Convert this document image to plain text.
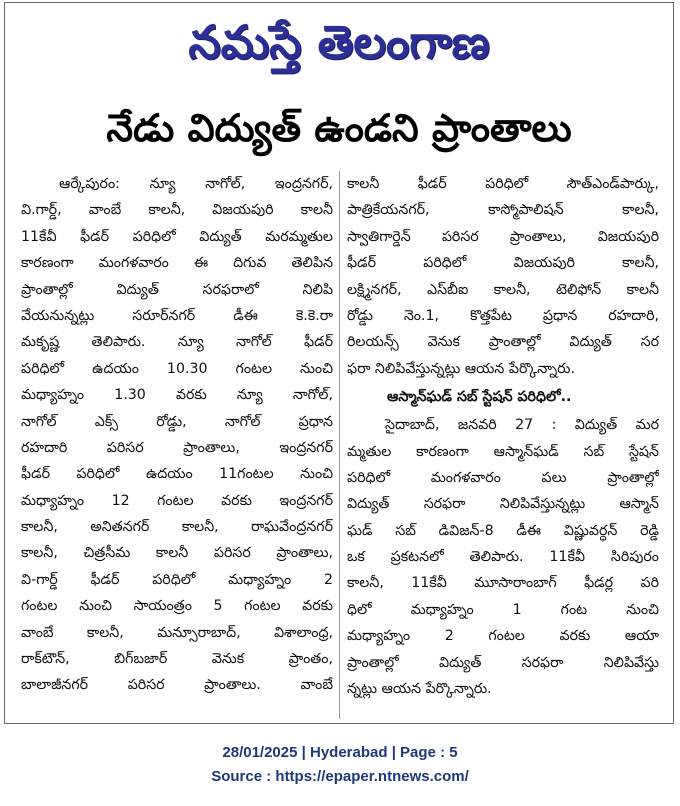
నమస్తే తెలంగాణ
నేడు విద్యుత్ ఉండని ప్రాంతాలు
ఆర్కేపురం: న్యూ నాగోల్, ఇంద్రనగర్,
వి.గార్డ్, వాంబే కాలనీ, విజయపురి కాలనీ
11కేవీ ఫీడర్ పరిధిలో విద్యుత్ మరమ్మతుల
కారణంగా మంగళవారం ఈ దిగువ తెలిపిన
ప్రాంతాల్లో విద్యుత్ సరఫరాలో నిలిపి
వేయనున్నట్లు సరూర్‌నగర్ డీఈ కె.కె.రా
మకృష్ణ తెలిపారు. న్యూ నాగోల్ ఫీడర్
పరిధిలో ఉదయం 10.30 గంటల నుంచి
మధ్యాహ్నం 1.30 వరకు న్యూ నాగోల్,
నాగోల్ ఎక్స్ రోడ్డు, నాగోల్ ప్రధాన
రహదారి పరిసర ప్రాంతాలు, ఇంద్రనగర్
ఫీడర్ పరిధిలో ఉదయం 11గంటల నుంచి
మధ్యాహ్నం 12 గంటల వరకు ఇంద్రనగర్
కాలనీ, అనితనగర్ కాలనీ, రాఘవేంద్రనగర్
కాలనీ, చిత్రసీమ కాలనీ పరిసర ప్రాంతాలు,
వి-గార్డ్ ఫీడర్ పరిధిలో మధ్యాహ్నం 2
గంటల నుంచి సాయంత్రం 5 గంటల వరకు
వాంబే కాలనీ, మన్సూరాబాద్, విశాలాంధ్ర,
రాక్‌టౌన్, బిగ్‌బజార్ వెనుక ప్రాంతం,
బాలాజీనగర్ పరిసర ప్రాంతాలు. వాంబే
కాలనీ ఫీడర్ పరిధిలో సౌత్‌ఎండ్‌పార్కు,
పాత్రికేయనగర్, కాస్మోపాలిషన్ కాలనీ,
స్వాతిగార్డెన్ పరిసర ప్రాంతాలు, విజయపురి
ఫీడర్ పరిధిలో విజయపురి కాలనీ,
లక్ష్మినగర్, ఎస్‌బీఐ కాలనీ, టెలిఫోన్ కాలనీ
రోడ్డు నెం.1, కొత్తపేట ప్రధాన రహదారి,
రిలయన్స్ వెనుక ప్రాంతాల్లో విద్యుత్ సర
ఫరా నిలిపివేస్తున్నట్లు ఆయన పేర్కొన్నారు.
ఆస్మాన్‌ఘడ్ సబ్ స్టేషన్ పరిధిలో..
సైదాబాద్, జనవరి 27 : విద్యుత్ మర
మ్మతుల కారణంగా ఆస్మాన్‌ఘడ్ సబ్ స్టేషన్
పరిధిలో మంగళవారం పలు ప్రాంతాల్లో
విద్యుత్ సరఫరా నిలిపివేస్తున్నట్లు ఆస్మాన్
ఘడ్ సబ్ డివిజన్-8 డీఈ విష్ణువర్ధన్ రెడ్డి
ఒక ప్రకటనలో తెలిపారు. 11కేవీ సిరిపురం
కాలనీ, 11కేవీ మూసారాంబాగ్ ఫీడర్ల పరి
ధిలో మధ్యాహ్నం 1 గంట నుంచి
మధ్యాహ్నం 2 గంటల వరకు ఆయా
ప్రాంతాల్లో విద్యుత్ సరఫరా నిలిపివేస్తు
న్నట్లు ఆయన పేర్కొన్నారు.
28/01/2025 | Hyderabad | Page : 5
Source : https://epaper.ntnews.com/
